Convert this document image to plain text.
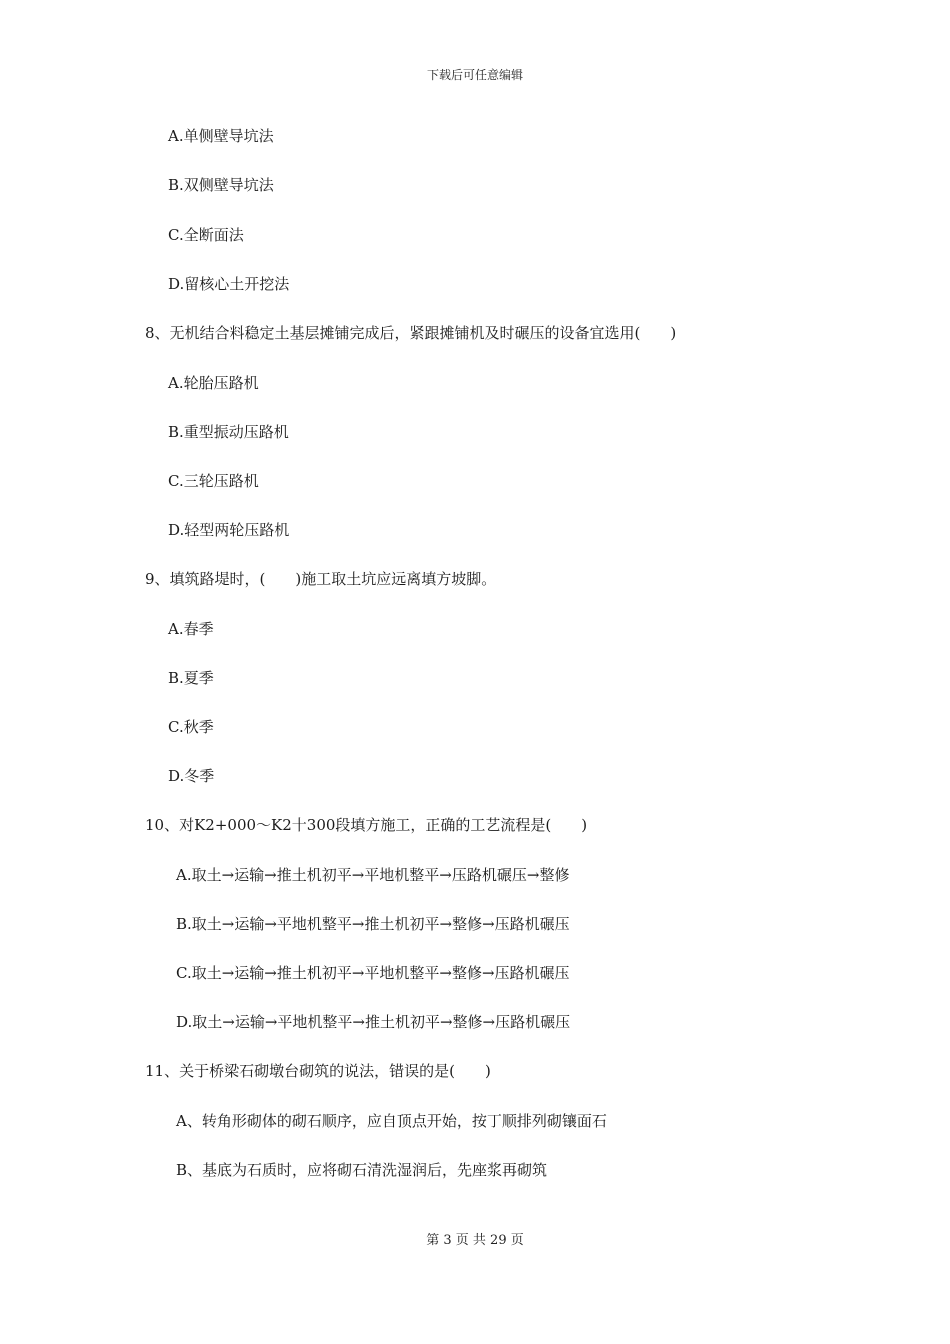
下载后可任意编辑
A.单侧壁导坑法
B.双侧壁导坑法
C.全断面法
D.留核心土开挖法
8、无机结合料稳定土基层摊铺完成后，紧跟摊铺机及时碾压的设备宜选用(　　)
A.轮胎压路机
B.重型振动压路机
C.三轮压路机
D.轻型两轮压路机
9、填筑路堤时，(　　)施工取土坑应远离填方坡脚。
A.春季
B.夏季
C.秋季
D.冬季
10、对K2+000～K2十300段填方施工，正确的工艺流程是(　　)
A.取土→运输→推土机初平→平地机整平→压路机碾压→整修
B.取土→运输→平地机整平→推土机初平→整修→压路机碾压
C.取土→运输→推土机初平→平地机整平→整修→压路机碾压
D.取土→运输→平地机整平→推土机初平→整修→压路机碾压
11、关于桥梁石砌墩台砌筑的说法，错误的是(　　)
A、转角形砌体的砌石顺序，应自顶点开始，按丁顺排列砌镶面石
B、基底为石质时，应将砌石清洗湿润后，先座浆再砌筑
第 3 页 共 29 页
